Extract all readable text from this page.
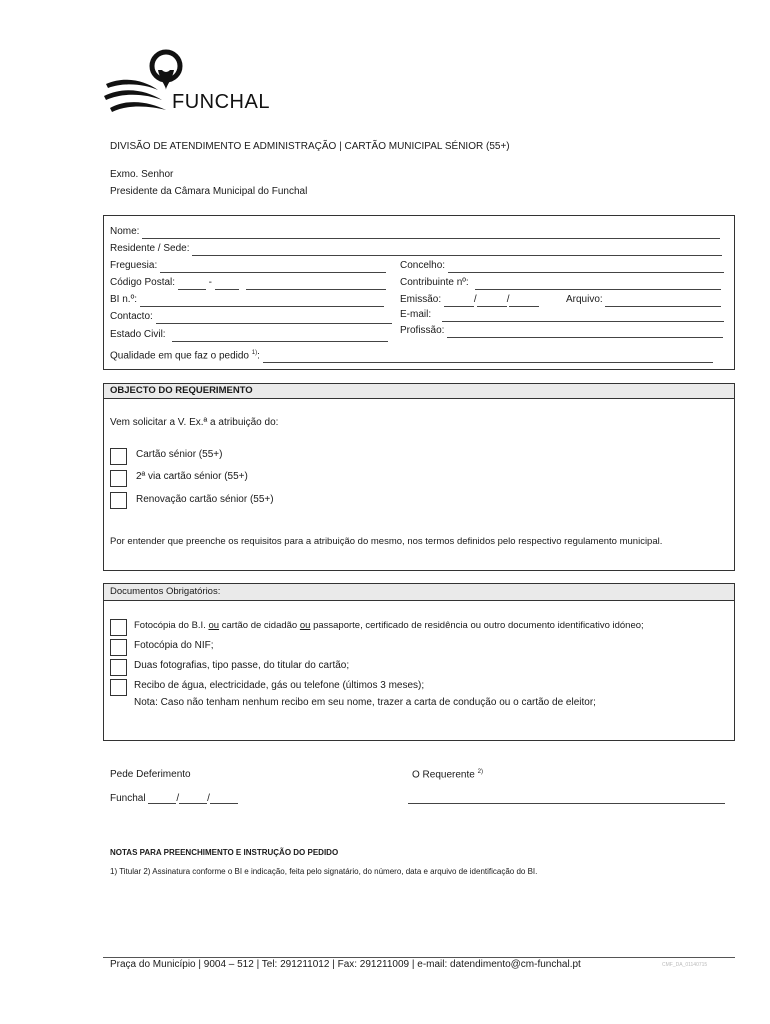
FUNCHAL
DIVISÃO DE ATENDIMENTO E ADMINISTRAÇÃO | CARTÃO MUNICIPAL SÉNIOR (55+)
Exmo. Senhor
Presidente da Câmara Municipal do Funchal
Nome:
Residente / Sede:
Freguesia:	Concelho:
Código Postal:	-	Contribuinte nº:
BI n.º:	Emissão:	/	/	Arquivo:
Contacto:	E-mail:
Estado Civil:	Profissão:
Qualidade em que faz o pedido $^{1)}$:
OBJECTO DO REQUERIMENTO
Vem solicitar a V. Ex.ª a atribuição do:
Cartão sénior (55+)
2ª via cartão sénior (55+)
Renovação cartão sénior (55+)
Por entender que preenche os requisitos para a atribuição do mesmo, nos termos definidos pelo respectivo regulamento municipal.
Documentos Obrigatórios:
Fotocópia do B.I. ou cartão de cidadão ou passaporte, certificado de residência ou outro documento identificativo idóneo;
Fotocópia do NIF;
Duas fotografias, tipo passe, do titular do cartão;
Recibo de água, electricidade, gás ou telefone (últimos 3 meses);
Nota: Caso não tenham nenhum recibo em seu nome, trazer a carta de condução ou o cartão de eleitor;
Pede Deferimento	O Requerente $^{2)}$
Funchal	/	/
NOTAS PARA PREENCHIMENTO E INSTRUÇÃO DO PEDIDO
1) Titular 2) Assinatura conforme o BI e indicação, feita pelo signatário, do número, data e arquivo de identificação do BI.
Praça do Município | 9004 – 512 | Tel: 291211012 | Fax: 291211009 | e-mail: datendimento@cm-funchal.pt	CMF_DA_01140715
